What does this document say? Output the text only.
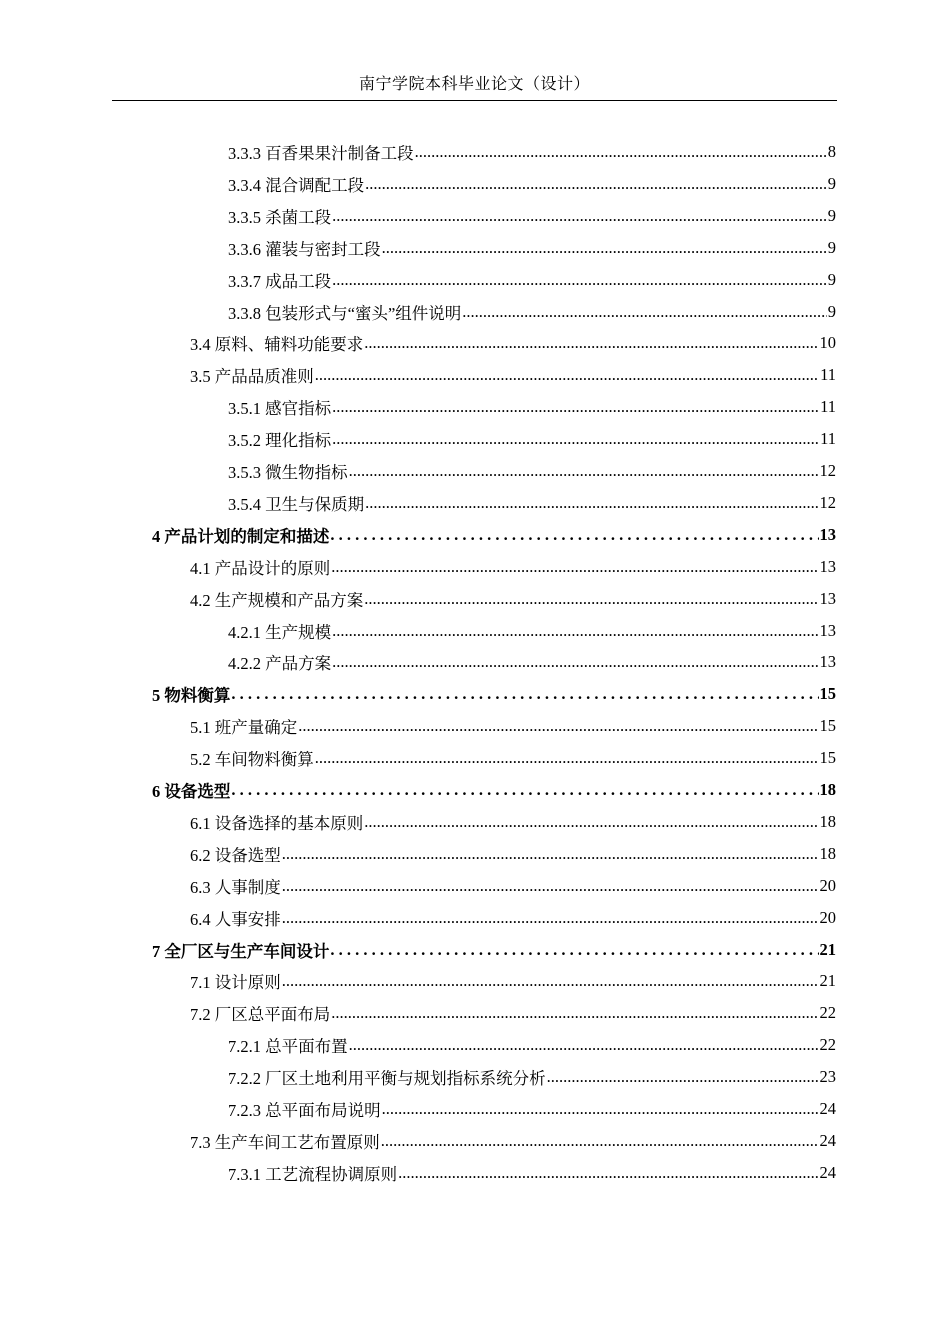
南宁学院本科毕业论文（设计）
3.3.3 百香果果汁制备工段 .....	8
3.3.4 混合调配工段 .....	9
3.3.5 杀菌工段 .....	9
3.3.6 灌装与密封工段 .....	9
3.3.7 成品工段 .....	9
3.3.8 包装形式与“蜜头”组件说明 .....	9
3.4 原料、辅料功能要求 .....	10
3.5 产品品质准则 .....	11
3.5.1 感官指标 .....	11
3.5.2 理化指标 .....	11
3.5.3 微生物指标 .....	12
3.5.4 卫生与保质期 .....	12
4 产品计划的制定和描述 . . .	13
4.1 产品设计的原则 .....	13
4.2 生产规模和产品方案 .....	13
4.2.1 生产规模 .....	13
4.2.2 产品方案 .....	13
5 物料衡算 . . .	15
5.1 班产量确定 .....	15
5.2 车间物料衡算 .....	15
6 设备选型 . . .	18
6.1 设备选择的基本原则 .....	18
6.2 设备选型 .....	18
6.3 人事制度 .....	20
6.4 人事安排 .....	20
7 全厂区与生产车间设计 . . .	21
7.1 设计原则 .....	21
7.2 厂区总平面布局 .....	22
7.2.1 总平面布置 .....	22
7.2.2 厂区土地利用平衡与规划指标系统分析 .....	23
7.2.3 总平面布局说明 .....	24
7.3 生产车间工艺布置原则 .....	24
7.3.1 工艺流程协调原则 .....	24
